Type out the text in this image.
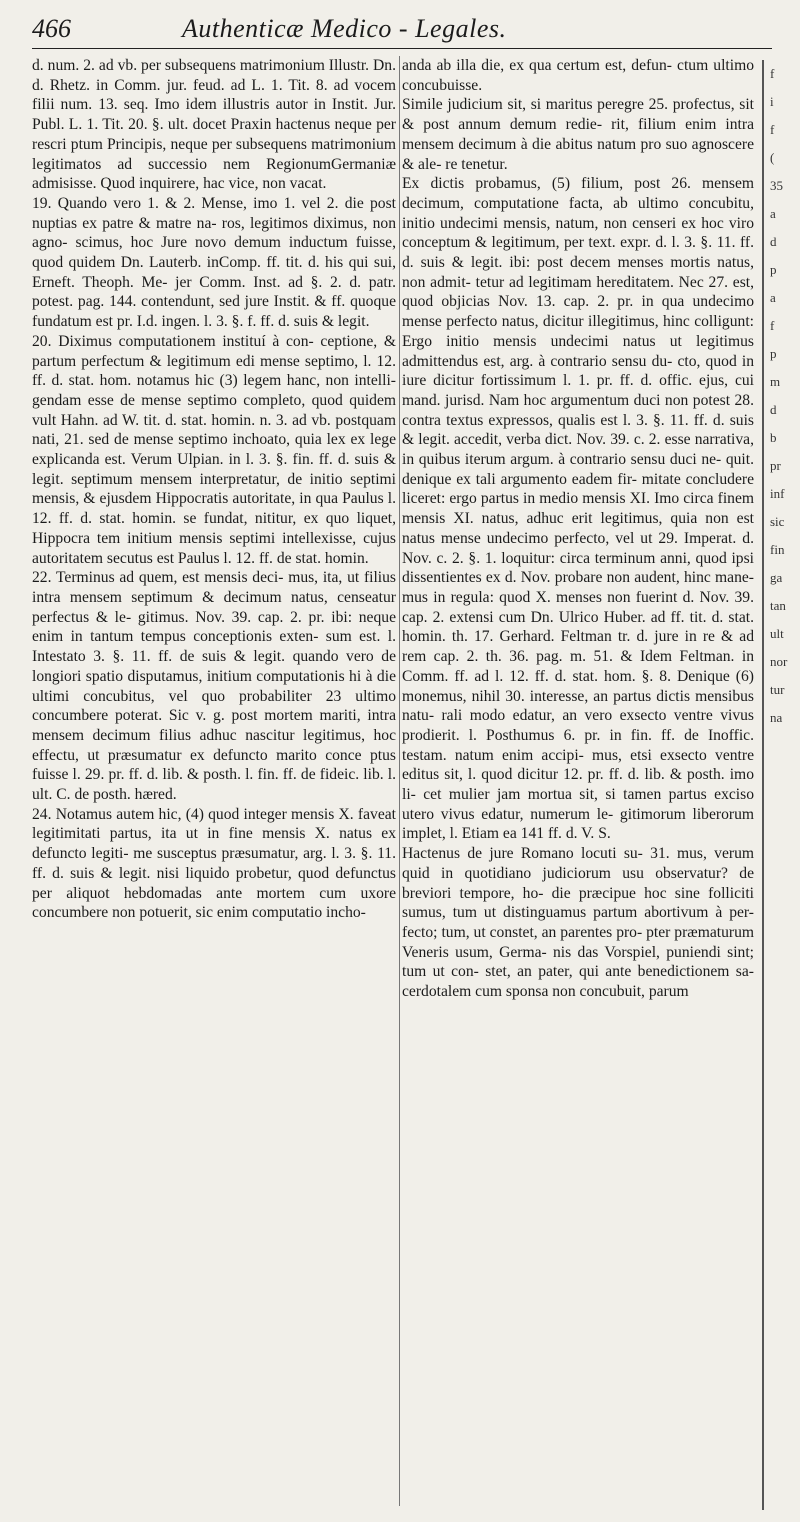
466	Authenticæ Medico - Legales.

d. num. 2. ad vb. per subsequens matrimonium Illustr. Dn. d. Rhetz. in Comm. jur. feud. ad L. 1. Tit. 8. ad vocem filii num. 13. seq. Imo idem illustris autor in Instit. Jur. Publ. L. 1. Tit. 20. §. ult. docet Praxin hactenus neque per rescri ptum Principis, neque per subsequens matrimonium legitimatos ad successio nem RegionumGermaniæ admisisse. Quod inquirere, hac vice, non vacat.

19. Quando vero 1. & 2. Mense, imo 1. vel 2. die post nuptias ex patre & matre na- ros, legitimos diximus, non agno- scimus, hoc Jure novo demum inductum fuisse, quod quidem Dn. Lauterb. inComp. ff. tit. d. his qui sui, Erneft. Theoph. Me- jer Comm. Inst. ad §. 2. d. patr. potest. pag. 144. contendunt, sed jure Instit. & ff. quoque fundatum est pr. I.d. ingen. l. 3. §. f. ff. d. suis & legit.

20. Diximus computationem instituí à con- ceptione, & partum perfectum & legitimum edi mense septimo, l. 12. ff. d. stat. hom. notamus hic (3) legem hanc, non intelli- gendam esse de mense septimo completo, quod quidem vult Hahn. ad W. tit. d. stat. homin. n. 3. ad vb. postquam nati, 21. sed de mense septimo inchoato, quia lex ex lege explicanda est. Verum Ulpian. in l. 3. §. fin. ff. d. suis & legit. septimum mensem interpretatur, de initio septimi mensis, & ejusdem Hippocratis autoritate, in qua Paulus l. 12. ff. d. stat. homin. se fundat, nititur, ex quo liquet, Hippocra tem initium mensis septimi intellexisse, cujus autoritatem secutus est Paulus l. 12. ff. de stat. homin.

22. Terminus ad quem, est mensis deci- mus, ita, ut filius intra mensem septimum & decimum natus, censeatur perfectus & le- gitimus. Nov. 39. cap. 2. pr. ibi: neque enim in tantum tempus conceptionis exten- sum est. l. Intestato 3. §. 11. ff. de suis & legit. quando vero de longiori spatio disputamus, initium computationis hi à die ultimi concubitus, vel quo probabiliter 23 ultimo concumbere poterat. Sic v. g. post mortem mariti, intra mensem decimum filius adhuc nascitur legitimus, hoc effectu, ut præsumatur ex defuncto marito conce ptus fuisse l. 29. pr. ff. d. lib. & posth. l. fin. ff. de fideic. lib. l. ult. C. de posth. hæred.

24. Notamus autem hic, (4) quod integer mensis X. faveat legitimitati partus, ita ut in fine mensis X. natus ex defuncto legiti- me susceptus præsumatur, arg. l. 3. §. 11. ff. d. suis & legit. nisi liquido probetur, quod defunctus per aliquot hebdomadas ante mortem cum uxore concumbere non potuerit, sic enim computatio incho-

anda ab illa die, ex qua certum est, defun- ctum ultimo concubuisse.

Simile judicium sit, si maritus peregre 25. profectus, sit & post annum demum redie- rit, filium enim intra mensem decimum à die abitus natum pro suo agnoscere & ale- re tenetur.

Ex dictis probamus, (5) filium, post 26. mensem decimum, computatione facta, ab ultimo concubitu, initio undecimi mensis, natum, non censeri ex hoc viro conceptum & legitimum, per text. expr. d. l. 3. §. 11. ff. d. suis & legit. ibi: post decem menses mortis natus, non admit- tetur ad legitimam hereditatem. Nec 27. est, quod objicias Nov. 13. cap. 2. pr. in qua undecimo mense perfecto natus, dicitur illegitimus, hinc colligunt: Ergo initio mensis undecimi natus ut legitimus admittendus est, arg. à contrario sensu du- cto, quod in iure dicitur fortissimum l. 1. pr. ff. d. offic. ejus, cui mand. jurisd. Nam hoc argumentum duci non potest 28. contra textus expressos, qualis est l. 3. §. 11. ff. d. suis & legit. accedit, verba dict. Nov. 39. c. 2. esse narrativa, in quibus iterum argum. à contrario sensu duci ne- quit. denique ex tali argumento eadem fir- mitate concludere liceret: ergo partus in medio mensis XI. Imo circa finem mensis XI. natus, adhuc erit legitimus, quia non est natus mense undecimo perfecto, vel ut 29. Imperat. d. Nov. c. 2. §. 1. loquitur: circa terminum anni, quod ipsi dissentientes ex d. Nov. probare non audent, hinc mane- mus in regula: quod X. menses non fuerint d. Nov. 39. cap. 2. extensi cum Dn. Ulrico Huber. ad ff. tit. d. stat. homin. th. 17. Gerhard. Feltman tr. d. jure in re & ad rem cap. 2. th. 36. pag. m. 51. & Idem Feltman. in Comm. ff. ad l. 12. ff. d. stat. hom. §. 8. Denique (6) monemus, nihil 30. interesse, an partus dictis mensibus natu- rali modo edatur, an vero exsecto ventre vivus prodierit. l. Posthumus 6. pr. in fin. ff. de Inoffic. testam. natum enim accipi- mus, etsi exsecto ventre editus sit, l. quod dicitur 12. pr. ff. d. lib. & posth. imo li- cet mulier jam mortua sit, si tamen partus exciso utero vivus edatur, numerum le- gitimorum liberorum implet, l. Etiam ea 141 ff. d. V. S.

Hactenus de jure Romano locuti su- 31. mus, verum quid in quotidiano judiciorum usu observatur? de breviori tempore, ho- die præcipue hoc sine folliciti sumus, tum ut distinguamus partum abortivum à per- fecto; tum, ut constet, an parentes pro- pter præmaturum Veneris usum, Germa- nis das Vorspiel, puniendi sint; tum ut con- stet, an pater, qui ante benedictionem sa- cerdotalem cum sponsa non concubuit, parum

f
i
f
(
35
a
d
p
a
f
p
m
d
b
pr
inf
sic
fin
ga
tan
ult
nor
tur
na
